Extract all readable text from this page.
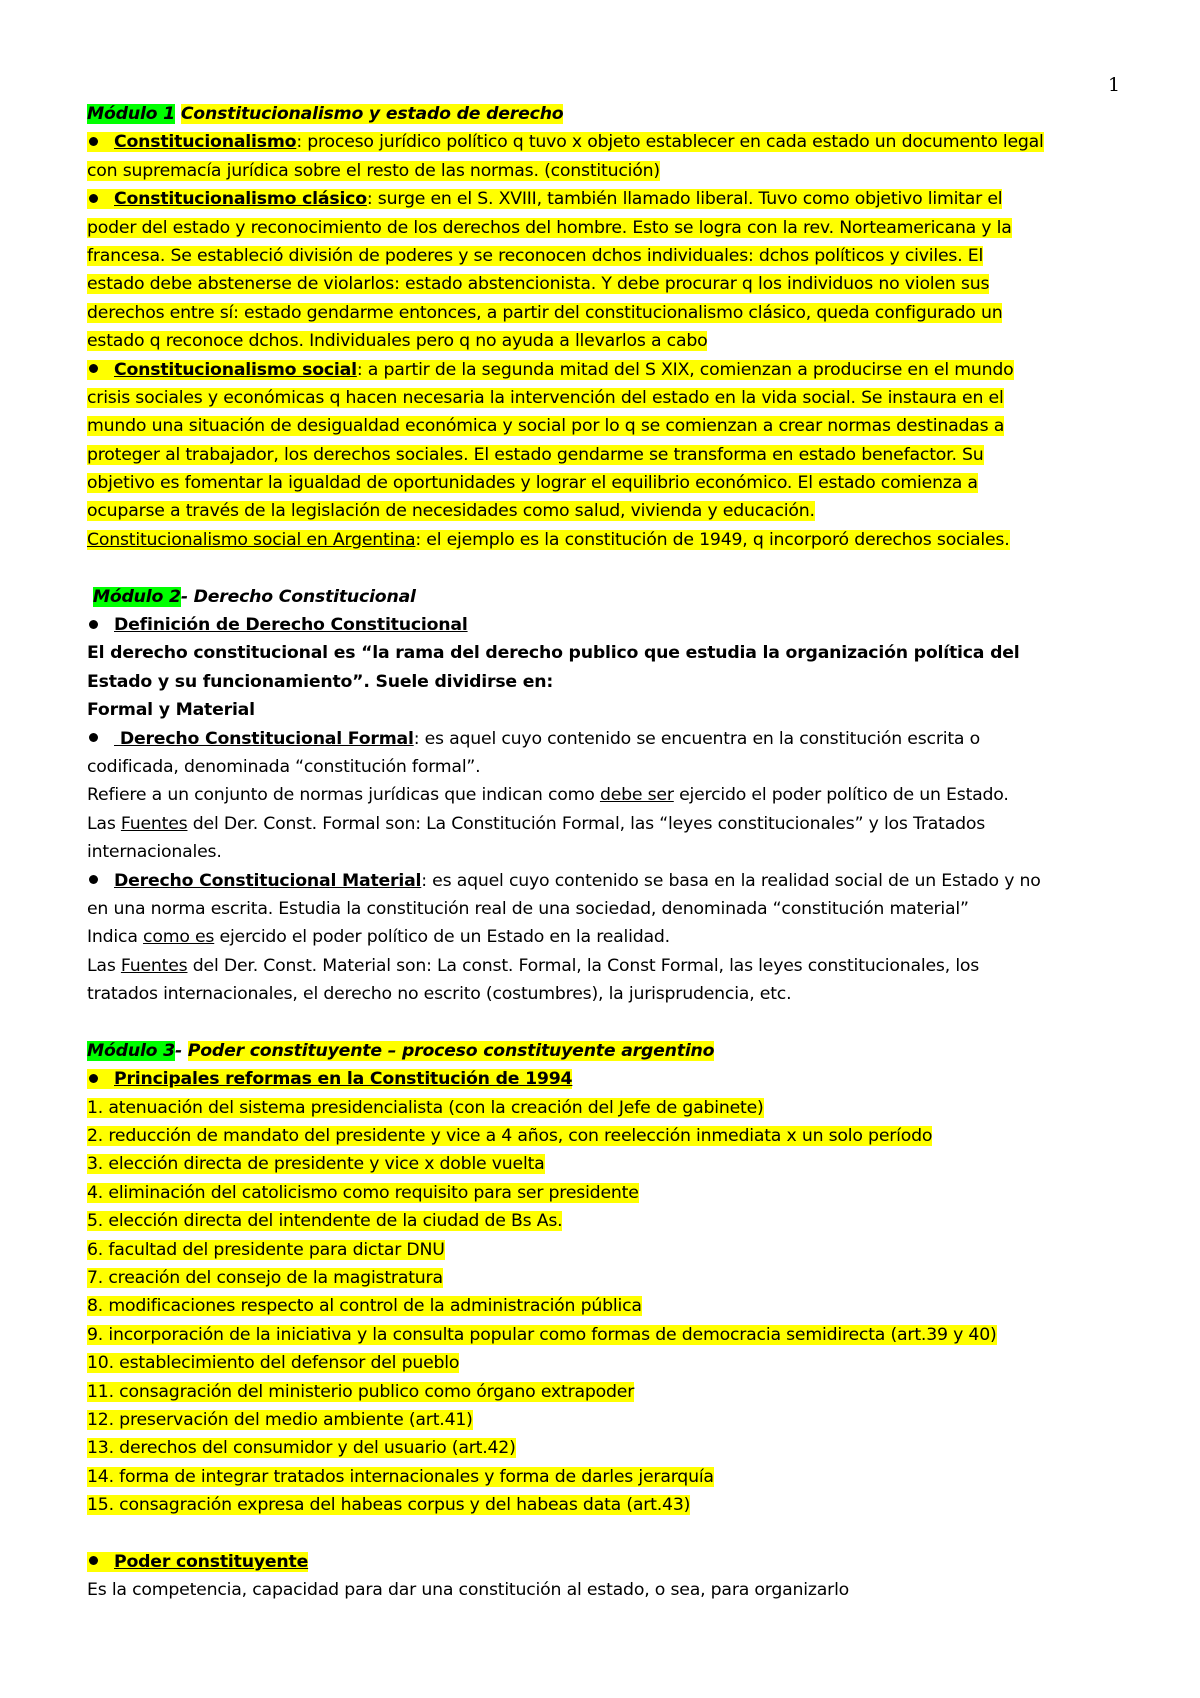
1
Módulo 1 Constitucionalismo y estado de derecho
Constitucionalismo: proceso jurídico político q tuvo x objeto establecer en cada estado un documento legal
con supremacía jurídica sobre el resto de las normas. (constitución)
Constitucionalismo clásico: surge en el S. XVIII, también llamado liberal. Tuvo como objetivo limitar el
poder del estado y reconocimiento de los derechos del hombre. Esto se logra con la rev. Norteamericana y la
francesa. Se estableció división de poderes y se reconocen dchos individuales: dchos políticos y civiles. El
estado debe abstenerse de violarlos: estado abstencionista. Y debe procurar q los individuos no violen sus
derechos entre sí: estado gendarme entonces, a partir del constitucionalismo clásico, queda configurado un
estado q reconoce dchos. Individuales pero q no ayuda a llevarlos a cabo
Constitucionalismo social: a partir de la segunda mitad del S XIX, comienzan a producirse en el mundo
crisis sociales y económicas q hacen necesaria la intervención del estado en la vida social. Se instaura en el
mundo una situación de desigualdad económica y social por lo q se comienzan a crear normas destinadas a
proteger al trabajador, los derechos sociales. El estado gendarme se transforma en estado benefactor. Su
objetivo es fomentar la igualdad de oportunidades y lograr el equilibrio económico. El estado comienza a
ocuparse a través de la legislación de necesidades como salud, vivienda y educación.
Constitucionalismo social en Argentina: el ejemplo es la constitución de 1949, q incorporó derechos sociales.
Módulo 2- Derecho Constitucional
Definición de Derecho Constitucional
El derecho constitucional es “la rama del derecho publico que estudia la organización política del
Estado y su funcionamiento”. Suele dividirse en:
Formal y Material
Derecho Constitucional Formal: es aquel cuyo contenido se encuentra en la constitución escrita o
codificada, denominada “constitución formal”.
Refiere a un conjunto de normas jurídicas que indican como debe ser ejercido el poder político de un Estado.
Las Fuentes del Der. Const. Formal son: La Constitución Formal, las “leyes constitucionales” y los Tratados
internacionales.
Derecho Constitucional Material: es aquel cuyo contenido se basa en la realidad social de un Estado y no
en una norma escrita. Estudia la constitución real de una sociedad, denominada “constitución material”
Indica como es ejercido el poder político de un Estado en la realidad.
Las Fuentes del Der. Const. Material son: La const. Formal, la Const Formal, las leyes constitucionales, los
tratados internacionales, el derecho no escrito (costumbres), la jurisprudencia, etc.
Módulo 3- Poder constituyente – proceso constituyente argentino
Principales reformas en la Constitución de 1994
1. atenuación del sistema presidencialista (con la creación del Jefe de gabinete)
2. reducción de mandato del presidente y vice a 4 años, con reelección inmediata x un solo período
3. elección directa de presidente y vice x doble vuelta
4. eliminación del catolicismo como requisito para ser presidente
5. elección directa del intendente de la ciudad de Bs As.
6. facultad del presidente para dictar DNU
7. creación del consejo de la magistratura
8. modificaciones respecto al control de la administración pública
9. incorporación de la iniciativa y la consulta popular como formas de democracia semidirecta (art.39 y 40)
10. establecimiento del defensor del pueblo
11. consagración del ministerio publico como órgano extrapoder
12. preservación del medio ambiente (art.41)
13. derechos del consumidor y del usuario (art.42)
14. forma de integrar tratados internacionales y forma de darles jerarquía
15. consagración expresa del habeas corpus y del habeas data (art.43)
Poder constituyente
Es la competencia, capacidad para dar una constitución al estado, o sea, para organizarlo
